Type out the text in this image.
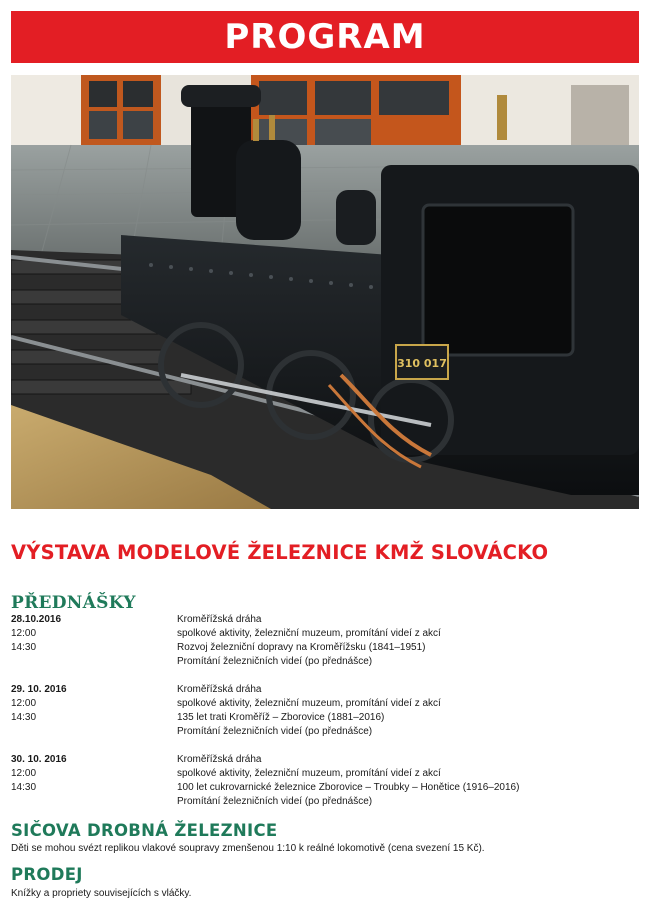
PROGRAM
310 017
VÝSTAVA MODELOVÉ ŽELEZNICE KMŽ SLOVÁCKO
PŘEDNÁŠKY
28.10.2016	Kroměřížská dráha
12:00	spolkové aktivity, železniční muzeum, promítání videí z akcí
14:30	Rozvoj železniční dopravy na Kroměřížsku (1841–1951)
Promítání železničních videí (po přednášce)
29. 10. 2016	Kroměřížská dráha
12:00	spolkové aktivity, železniční muzeum, promítání videí z akcí
14:30	135 let trati Kroměříž – Zborovice (1881–2016)
Promítání železničních videí (po přednášce)
30. 10. 2016	Kroměřížská dráha
12:00	spolkové aktivity, železniční muzeum, promítání videí z akcí
14:30	100 let cukrovarnické železnice Zborovice – Troubky – Honětice (1916–2016)
Promítání železničních videí (po přednášce)
SIČOVA DROBNÁ ŽELEZNICE
Děti se mohou svézt replikou vlakové soupravy zmenšenou 1:10 k reálné lokomotivě (cena svezení 15 Kč).
PRODEJ
Knížky a propriety souvisejících s vláčky.
